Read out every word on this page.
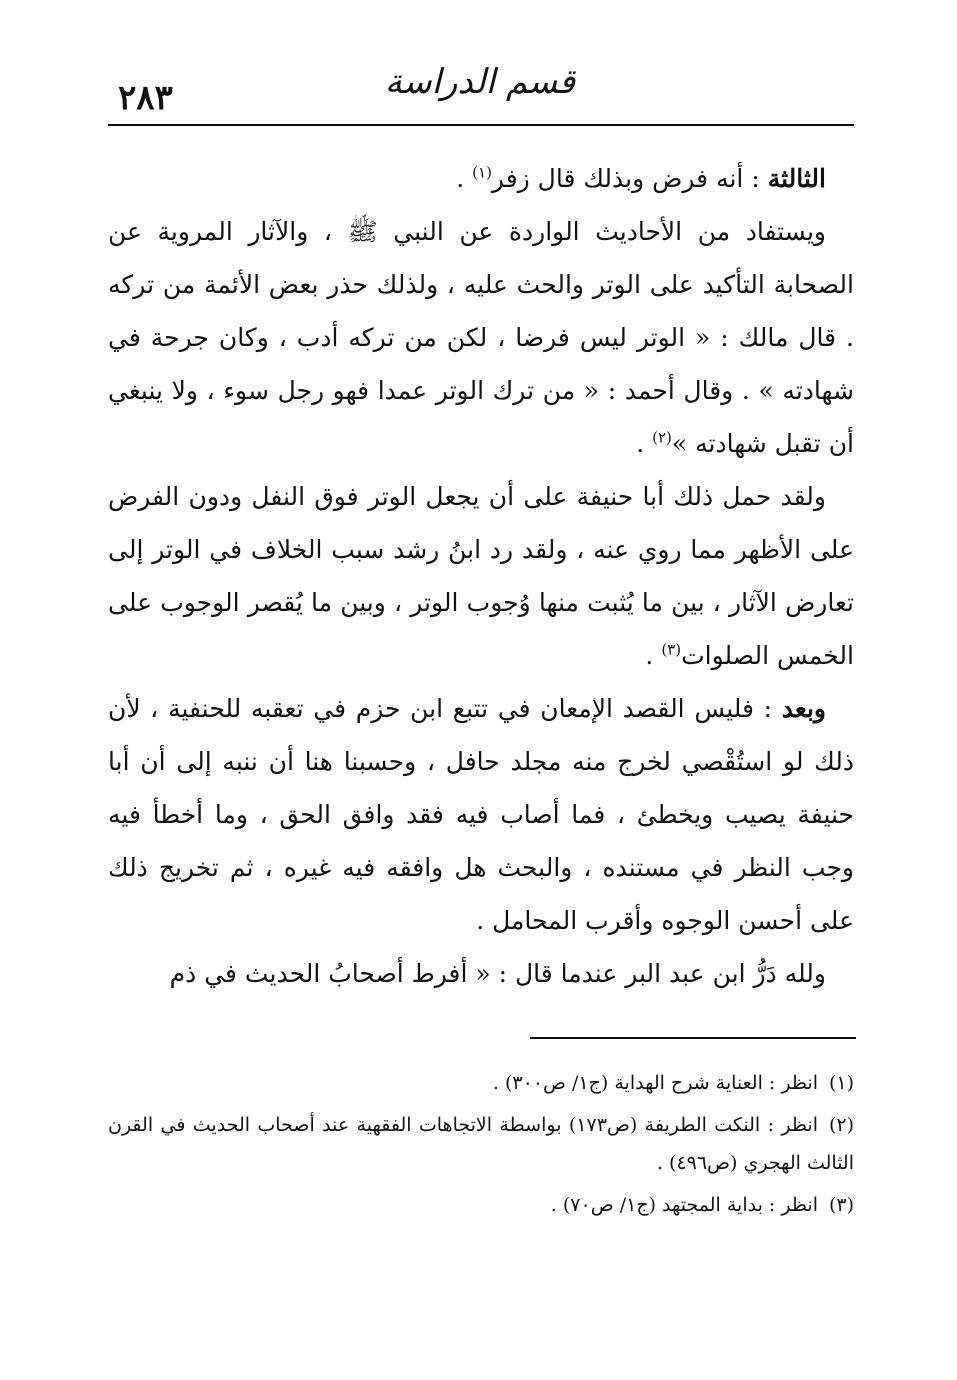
٢٨٣	قسم الدراسة

الثالثة : أنه فرض وبذلك قال زفر$^{(١)}$ .

ويستفاد من الأحاديث الواردة عن النبي ﷺ ، والآثار المروية عن الصحابة التأكيد على الوتر والحث عليه ، ولذلك حذر بعض الأئمة من تركه . قال مالك : « الوتر ليس فرضا ، لكن من تركه أدب ، وكان جرحة في شهادته » . وقال أحمد : « من ترك الوتر عمدا فهو رجل سوء ، ولا ينبغي أن تقبل شهادته »$^{(٢)}$ .

ولقد حمل ذلك أبا حنيفة على أن يجعل الوتر فوق النفل ودون الفرض على الأظهر مما روي عنه ، ولقد رد ابنُ رشد سبب الخلاف في الوتر إلى تعارض الآثار ، بين ما يُثبت منها وُجوب الوتر ، وبين ما يُقصر الوجوب على الخمس الصلوات$^{(٣)}$ .

وبعد : فليس القصد الإمعان في تتبع ابن حزم في تعقبه للحنفية ، لأن ذلك لو استُقْصي لخرج منه مجلد حافل ، وحسبنا هنا أن ننبه إلى أن أبا حنيفة يصيب ويخطئ ، فما أصاب فيه فقد وافق الحق ، وما أخطأ فيه وجب النظر في مستنده ، والبحث هل وافقه فيه غيره ، ثم تخريج ذلك على أحسن الوجوه وأقرب المحامل .

ولله دَرُّ ابن عبد البر عندما قال : « أفرط أصحابُ الحديث في ذم

(١)انظر : العناية شرح الهداية (ج١/ ص٣٠٠) .

(٢)انظر : النكت الطريفة (ص١٧٣) بواسطة الاتجاهات الفقهية عند أصحاب الحديث في القرن الثالث الهجري (ص٤٩٦) .

(٣)انظر : بداية المجتهد (ج١/ ص٧٠) .
